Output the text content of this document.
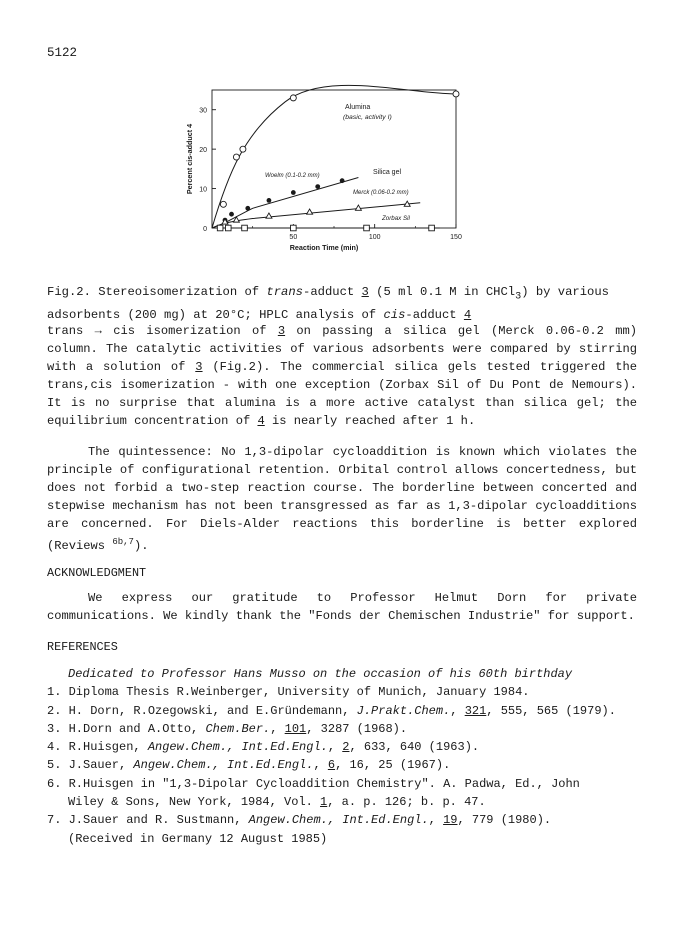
5122
0
10
20
30
50	100	150
Reaction Time (min)
Percent cis-adduct 4
Alumina
(basic, activity I)
Silica gel
Woelm (0.1-0.2 mm)
Merck (0.06-0.2 mm)
Zorbax Sil
Fig.2. Stereoisomerization of trans-adduct 3 (5 ml 0.1 M in CHCl$_3$) by various adsorbents (200 mg) at 20°C; HPLC analysis of cis-adduct 4

trans → cis isomerization of 3 on passing a silica gel (Merck 0.06-0.2 mm) column. The catalytic activities of various adsorbents were compared by stirring with a solution of 3 (Fig.2). The commercial silica gels tested triggered the trans,cis isomerization - with one exception (Zorbax Sil of Du Pont de Nemours). It is no surprise that alumina is a more active catalyst than silica gel; the equilibrium concentration of 4 is nearly reached after 1 h.

The quintessence: No 1,3-dipolar cycloaddition is known which violates the principle of configurational retention. Orbital control allows concertedness, but does not forbid a two-step reaction course. The borderline between concerted and stepwise mechanism has not been transgressed as far as 1,3-dipolar cycloadditions are concerned. For Diels-Alder reactions this borderline is better explored (Reviews $^{6b,7}$).

ACKNOWLEDGMENT

We express our gratitude to Professor Helmut Dorn for private communications. We kindly thank the "Fonds der Chemischen Industrie" for support.

REFERENCES
Dedicated to Professor Hans Musso on the occasion of his 60th birthday
1. Diploma Thesis R.Weinberger, University of Munich, January 1984.
2. H. Dorn, R.Ozegowski, and E.Gründemann, J.Prakt.Chem., 321, 555, 565 (1979).
3. H.Dorn and A.Otto, Chem.Ber., 101, 3287 (1968).
4. R.Huisgen, Angew.Chem., Int.Ed.Engl., 2, 633, 640 (1963).
5. J.Sauer, Angew.Chem., Int.Ed.Engl., 6, 16, 25 (1967).
6. R.Huisgen in "1,3-Dipolar Cycloaddition Chemistry". A. Padwa, Ed., John
Wiley & Sons, New York, 1984, Vol. 1, a. p. 126; b. p. 47.
7. J.Sauer and R. Sustmann, Angew.Chem., Int.Ed.Engl., 19, 779 (1980).
(Received in Germany 12 August 1985)
